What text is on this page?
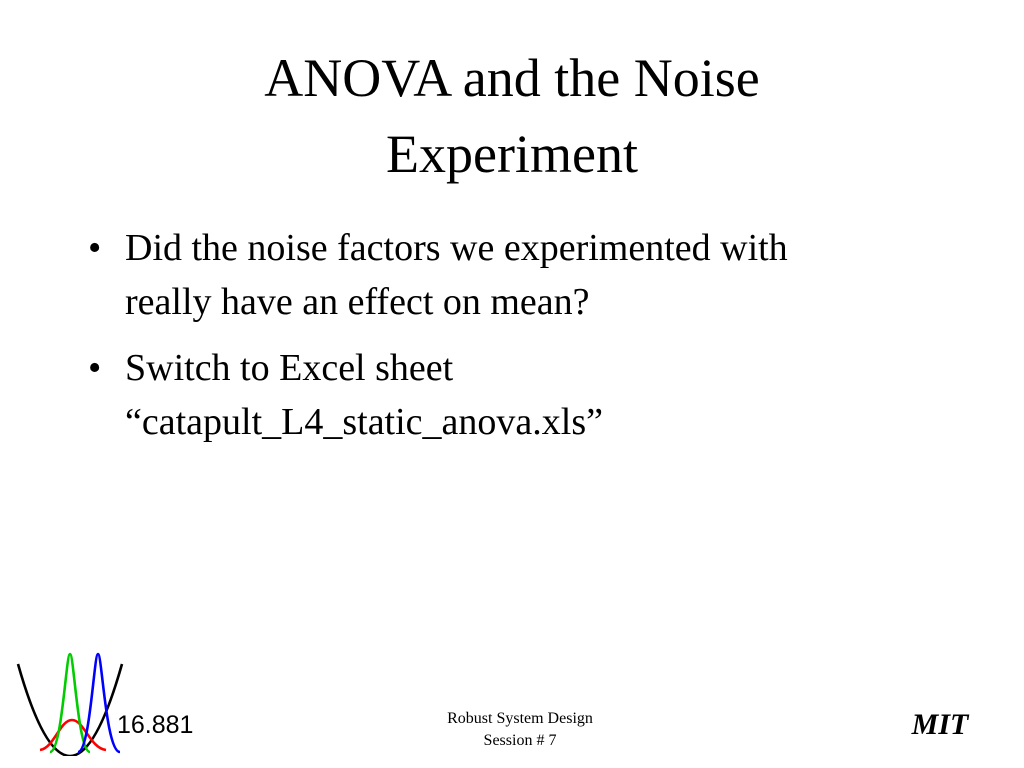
ANOVA and the Noise
Experiment
• Did the noise factors we experimented with
really have an effect on mean?
• Switch to Excel sheet
“catapult_L4_static_anova.xls”
16.881	Robust System Design
Session # 7	MIT
